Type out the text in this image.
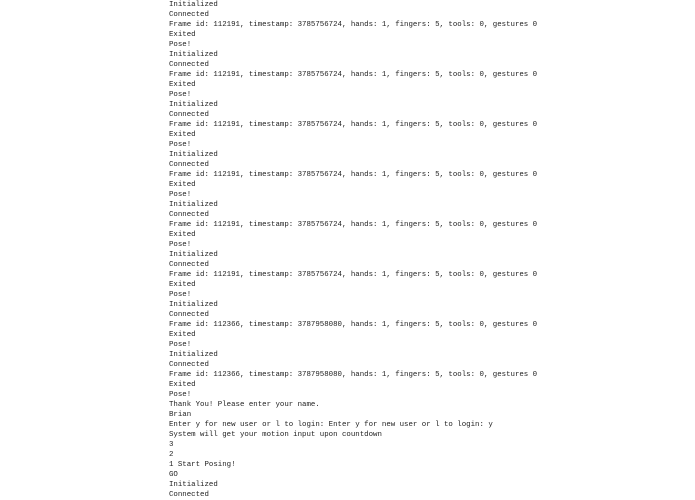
Initialized
Connected
Frame id: 112191, timestamp: 3785756724, hands: 1, fingers: 5, tools: 0, gestures 0
Exited
Pose!
Initialized
Connected
Frame id: 112191, timestamp: 3785756724, hands: 1, fingers: 5, tools: 0, gestures 0
Exited
Pose!
Initialized
Connected
Frame id: 112191, timestamp: 3785756724, hands: 1, fingers: 5, tools: 0, gestures 0
Exited
Pose!
Initialized
Connected
Frame id: 112191, timestamp: 3785756724, hands: 1, fingers: 5, tools: 0, gestures 0
Exited
Pose!
Initialized
Connected
Frame id: 112191, timestamp: 3785756724, hands: 1, fingers: 5, tools: 0, gestures 0
Exited
Pose!
Initialized
Connected
Frame id: 112191, timestamp: 3785756724, hands: 1, fingers: 5, tools: 0, gestures 0
Exited
Pose!
Initialized
Connected
Frame id: 112366, timestamp: 3787958080, hands: 1, fingers: 5, tools: 0, gestures 0
Exited
Pose!
Initialized
Connected
Frame id: 112366, timestamp: 3787958080, hands: 1, fingers: 5, tools: 0, gestures 0
Exited
Pose!
Thank You! Please enter your name.
Brian
Enter y for new user or l to login: Enter y for new user or l to login: y
System will get your motion input upon countdown
3
2
1 Start Posing!
GO
Initialized
Connected
